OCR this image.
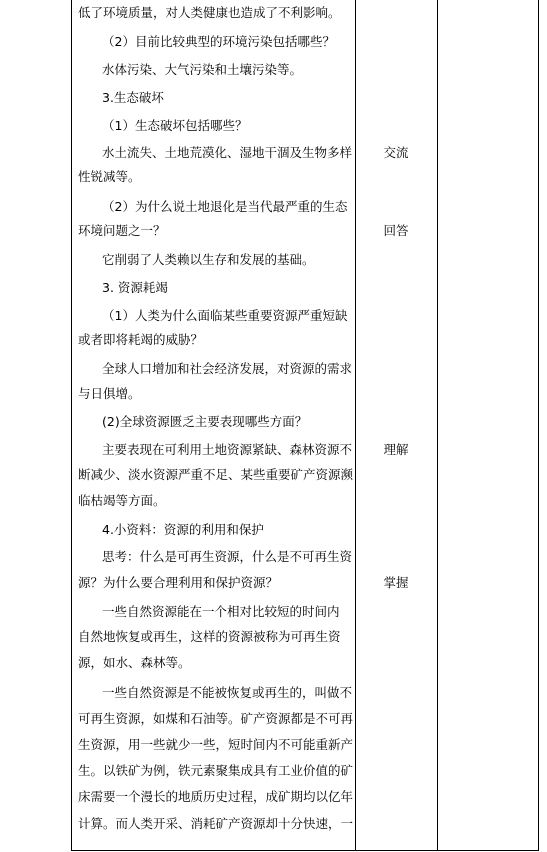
低了环境质量，对人类健康也造成了不利影响。
（2）目前比较典型的环境污染包括哪些？
水体污染、大气污染和土壤污染等。
3.生态破坏
（1）生态破坏包括哪些？
水土流失、土地荒漠化、湿地干涸及生物多样
性锐减等。
（2）为什么说土地退化是当代最严重的生态
环境问题之一？
它削弱了人类赖以生存和发展的基础。
3. 资源耗竭
（1）人类为什么面临某些重要资源严重短缺
或者即将耗竭的威胁？
全球人口增加和社会经济发展，对资源的需求
与日俱增。
(2)全球资源匮乏主要表现哪些方面？
主要表现在可利用土地资源紧缺、森林资源不
断减少、淡水资源严重不足、某些重要矿产资源濒
临枯竭等方面。
4.小资料：资源的利用和保护
思考：什么是可再生资源，什么是不可再生资
源？为什么要合理利用和保护资源？
一些自然资源能在一个相对比较短的时间内
自然地恢复或再生，这样的资源被称为可再生资
源，如水、森林等。
一些自然资源是不能被恢复或再生的，叫做不
可再生资源，如煤和石油等。矿产资源都是不可再
生资源，用一些就少一些，短时间内不可能重新产
生。以铁矿为例，铁元素聚集成具有工业价值的矿
床需要一个漫长的地质历史过程，成矿期均以亿年
计算。而人类开采、消耗矿产资源却十分快速，一
交流
回答
理解
掌握
